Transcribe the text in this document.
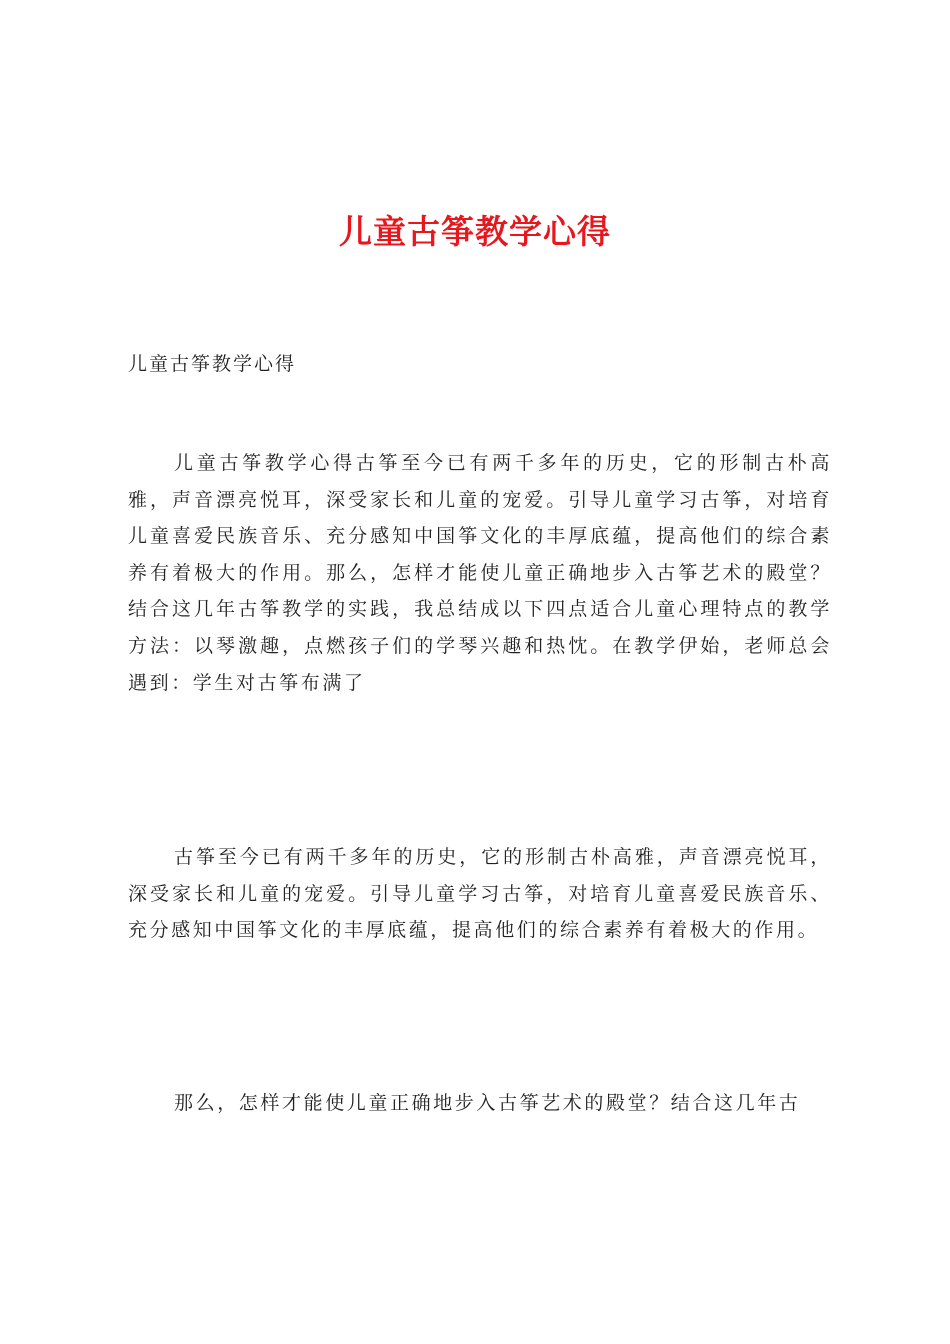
儿童古筝教学心得
儿童古筝教学心得

儿童古筝教学心得古筝至今已有两千多年的历史，它的形制古朴高雅，声音漂亮悦耳，深受家长和儿童的宠爱。引导儿童学习古筝，对培育儿童喜爱民族音乐、充分感知中国筝文化的丰厚底蕴，提高他们的综合素养有着极大的作用。那么，怎样才能使儿童正确地步入古筝艺术的殿堂？结合这几年古筝教学的实践，我总结成以下四点适合儿童心理特点的教学方法：以琴激趣，点燃孩子们的学琴兴趣和热忱。在教学伊始，老师总会遇到：学生对古筝布满了

古筝至今已有两千多年的历史，它的形制古朴高雅，声音漂亮悦耳，深受家长和儿童的宠爱。引导儿童学习古筝，对培育儿童喜爱民族音乐、充分感知中国筝文化的丰厚底蕴，提高他们的综合素养有着极大的作用。

那么，怎样才能使儿童正确地步入古筝艺术的殿堂？结合这几年古
